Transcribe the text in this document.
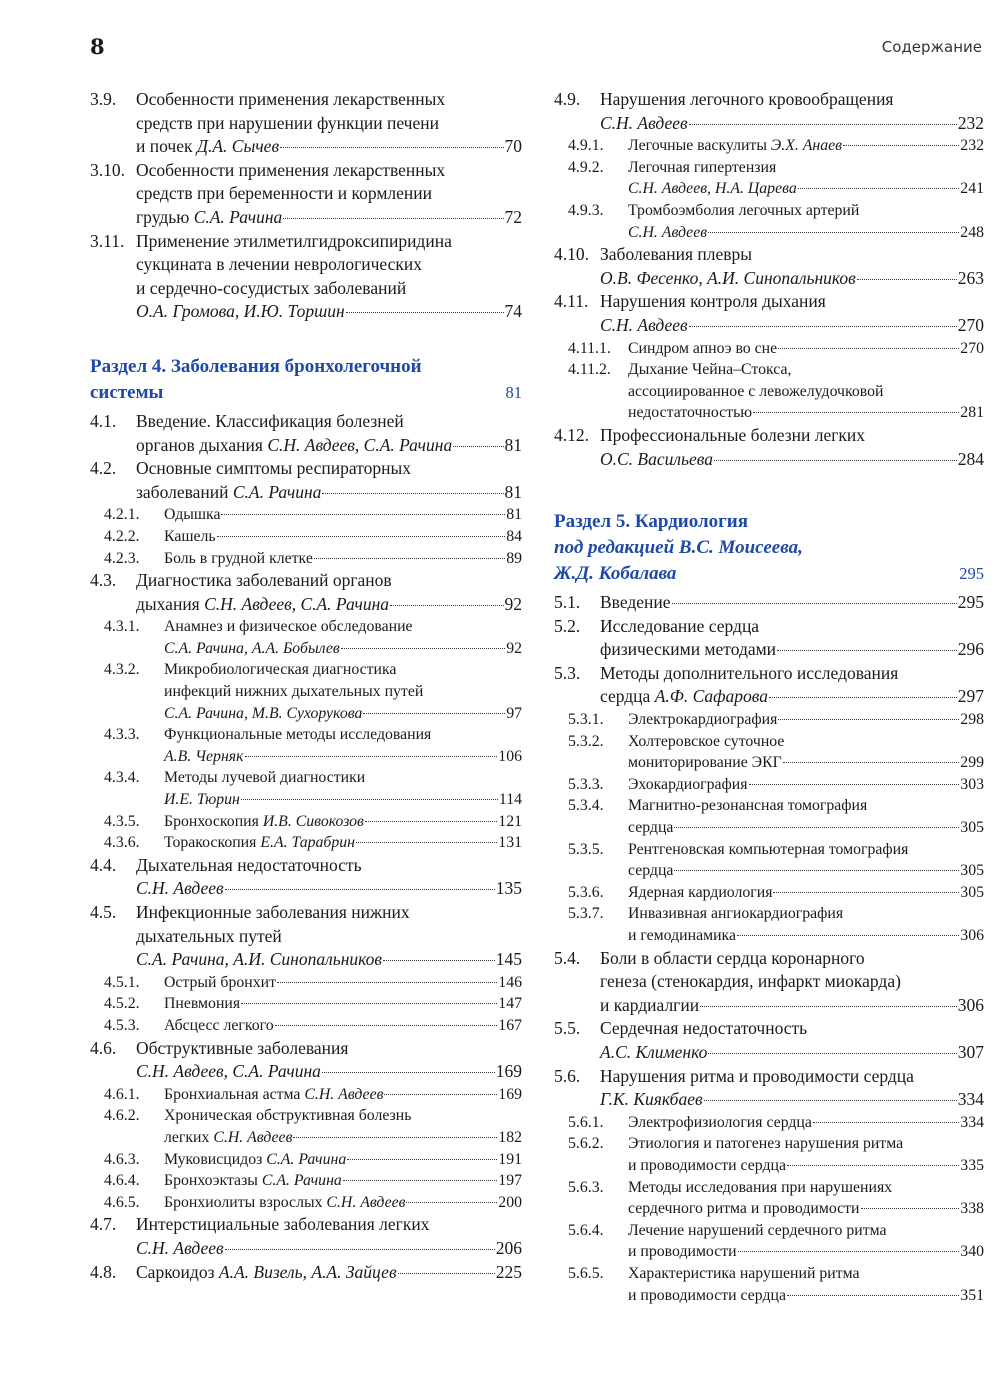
8	Содержание
3.9. Особенности применения лекарственных
средств при нарушении функции печени
и почек Д.А. Сычев	70
3.10. Особенности применения лекарственных
средств при беременности и кормлении
грудью С.А. Рачина	72
3.11. Применение этилметилгидроксипиридина
сукцината в лечении неврологических
и сердечно-сосудистых заболеваний
О.А. Громова, И.Ю. Торшин	74
Раздел 4. Заболевания бронхолегочной
системы	81
4.1. Введение. Классификация болезней
органов дыхания С.Н. Авдеев, С.А. Рачина	81
4.2. Основные симптомы респираторных
заболеваний С.А. Рачина	81
4.2.1. Одышка	81
4.2.2. Кашель	84
4.2.3. Боль в грудной клетке	89
4.3. Диагностика заболеваний органов
дыхания С.Н. Авдеев, С.А. Рачина	92
4.3.1. Анамнез и физическое обследование
С.А. Рачина, А.А. Бобылев	92
4.3.2. Микробиологическая диагностика
инфекций нижних дыхательных путей
С.А. Рачина, М.В. Сухорукова	97
4.3.3. Функциональные методы исследования
А.В. Черняк	106
4.3.4. Методы лучевой диагностики
И.Е. Тюрин	114
4.3.5. Бронхоскопия И.В. Сивокозов	121
4.3.6. Торакоскопия Е.А. Тарабрин	131
4.4. Дыхательная недостаточность
С.Н. Авдеев	135
4.5. Инфекционные заболевания нижних
дыхательных путей
С.А. Рачина, А.И. Синопальников	145
4.5.1. Острый бронхит	146
4.5.2. Пневмония	147
4.5.3. Абсцесс легкого	167
4.6. Обструктивные заболевания
С.Н. Авдеев, С.А. Рачина	169
4.6.1. Бронхиальная астма С.Н. Авдеев	169
4.6.2. Хроническая обструктивная болезнь
легких С.Н. Авдеев	182
4.6.3. Муковисцидоз С.А. Рачина	191
4.6.4. Бронхоэктазы С.А. Рачина	197
4.6.5. Бронхиолиты взрослых С.Н. Авдеев	200
4.7. Интерстициальные заболевания легких
С.Н. Авдеев	206
4.8. Саркоидоз А.А. Визель, А.А. Зайцев	225
4.9. Нарушения легочного кровообращения
С.Н. Авдеев	232
4.9.1. Легочные васкулиты Э.Х. Анаев	232
4.9.2. Легочная гипертензия
С.Н. Авдеев, Н.А. Царева	241
4.9.3. Тромбоэмболия легочных артерий
С.Н. Авдеев	248
4.10. Заболевания плевры
О.В. Фесенко, А.И. Синопальников	263
4.11. Нарушения контроля дыхания
С.Н. Авдеев	270
4.11.1. Синдром апноэ во сне	270
4.11.2. Дыхание Чейна–Стокса,
ассоциированное с левожелудочковой
недостаточностью	281
4.12. Профессиональные болезни легких
О.С. Васильева	284
Раздел 5. Кардиология
под редакцией В.С. Моисеева,
Ж.Д. Кобалава	295
5.1. Введение	295
5.2. Исследование сердца
физическими методами	296
5.3. Методы дополнительного исследования
сердца А.Ф. Сафарова	297
5.3.1. Электрокардиография	298
5.3.2. Холтеровское суточное
мониторирование ЭКГ	299
5.3.3. Эхокардиография	303
5.3.4. Магнитно-резонансная томография
сердца	305
5.3.5. Рентгеновская компьютерная томография
сердца	305
5.3.6. Ядерная кардиология	305
5.3.7. Инвазивная ангиокардиография
и гемодинамика	306
5.4. Боли в области сердца коронарного
генеза (стенокардия, инфаркт миокарда)
и кардиалгии	306
5.5. Сердечная недостаточность
А.С. Клименко	307
5.6. Нарушения ритма и проводимости сердца
Г.К. Киякбаев	334
5.6.1. Электрофизиология сердца	334
5.6.2. Этиология и патогенез нарушения ритма
и проводимости сердца	335
5.6.3. Методы исследования при нарушениях
сердечного ритма и проводимости	338
5.6.4. Лечение нарушений сердечного ритма
и проводимости	340
5.6.5. Характеристика нарушений ритма
и проводимости сердца	351
